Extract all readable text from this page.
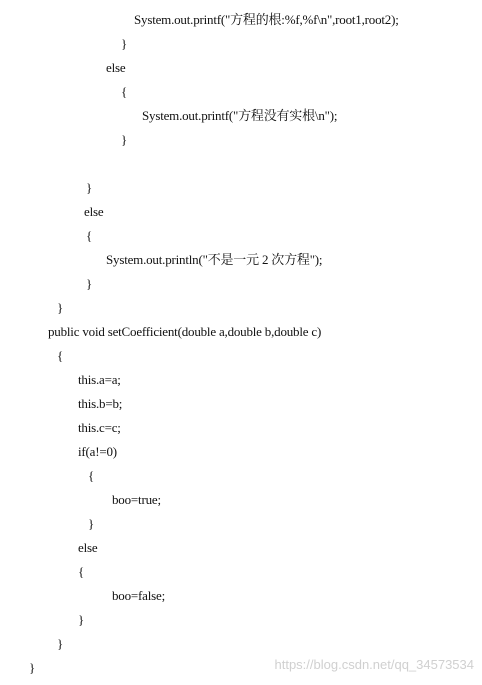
System.out.printf("方程的根:%f,%f\n",root1,root2);
}
else
{
System.out.printf("方程没有实根\n");
}
}
else
{
System.out.println("不是一元 2 次方程");
}
}
public void setCoefficient(double a,double b,double c)
{
this.a=a;
this.b=b;
this.c=c;
if(a!=0)
{
boo=true;
}
else
{
boo=false;
}
}
}	https://blog.csdn.net/qq_34573534
